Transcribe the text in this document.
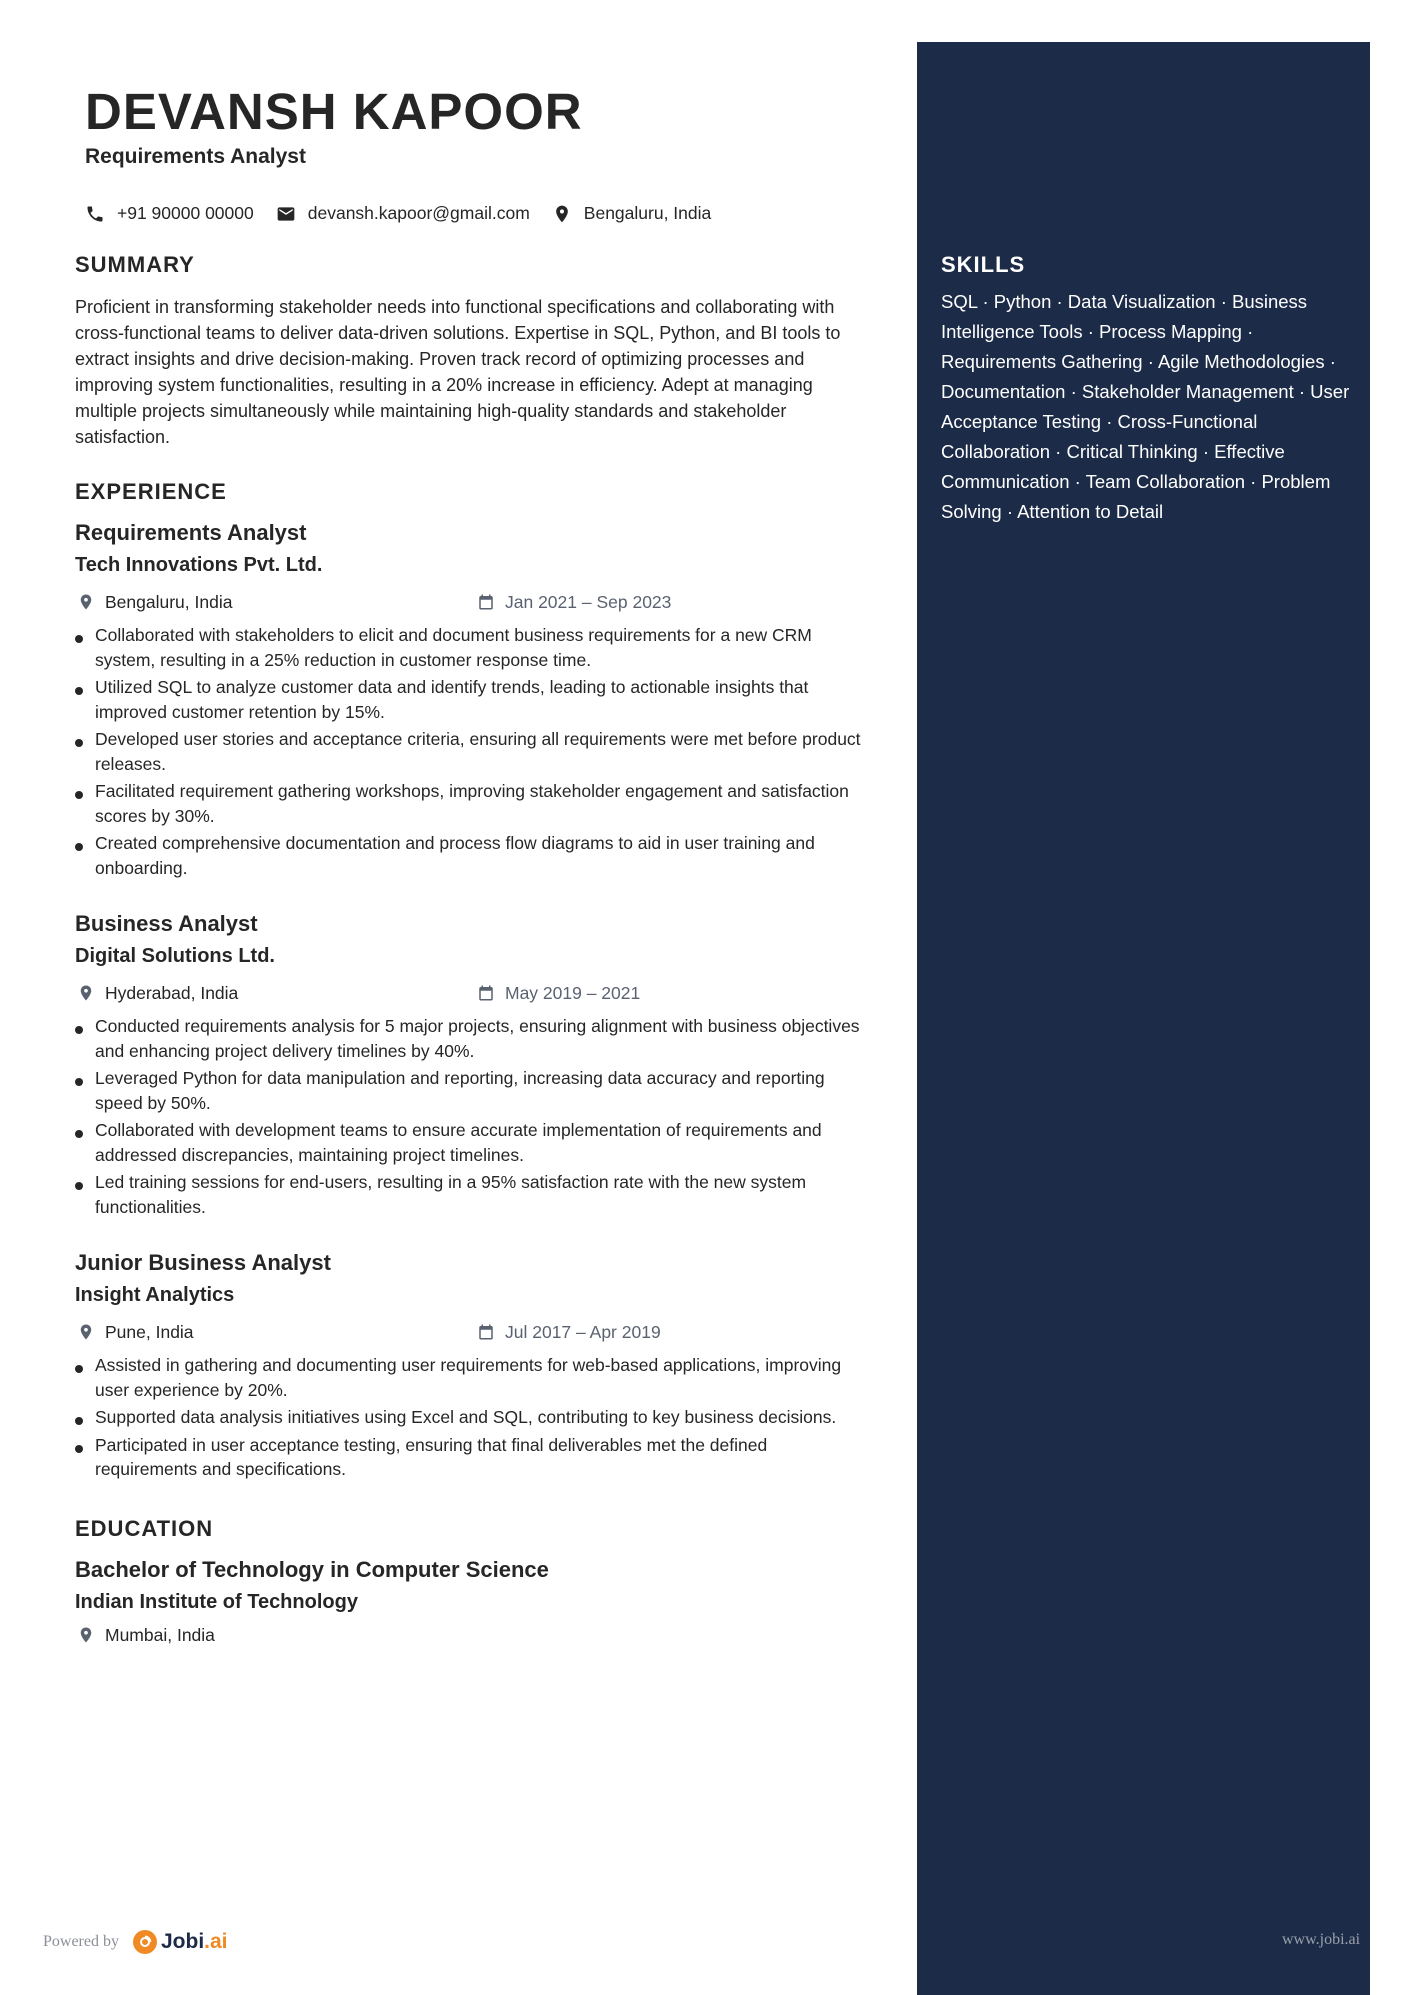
SKILLS

SQL · Python · Data Visualization · Business Intelligence Tools · Process Mapping · Requirements Gathering · Agile Methodologies · Documentation · Stakeholder Management · User Acceptance Testing · Cross-Functional Collaboration · Critical Thinking · Effective Communication · Team Collaboration · Problem Solving · Attention to Detail

DEVANSH KAPOOR
Requirements Analyst
+91 90000 00000	devansh.kapoor@gmail.com	Bengaluru, India
SUMMARY

Proficient in transforming stakeholder needs into functional specifications and collaborating with cross-functional teams to deliver data-driven solutions. Expertise in SQL, Python, and BI tools to extract insights and drive decision-making. Proven track record of optimizing processes and improving system functionalities, resulting in a 20% increase in efficiency. Adept at managing multiple projects simultaneously while maintaining high-quality standards and stakeholder satisfaction.

EXPERIENCE
Requirements Analyst
Tech Innovations Pvt. Ltd.
Bengaluru, India	Jan 2021 – Sep 2023
Collaborated with stakeholders to elicit and document business requirements for a new CRM system, resulting in a 25% reduction in customer response time.
Utilized SQL to analyze customer data and identify trends, leading to actionable insights that improved customer retention by 15%.
Developed user stories and acceptance criteria, ensuring all requirements were met before product releases.
Facilitated requirement gathering workshops, improving stakeholder engagement and satisfaction scores by 30%.
Created comprehensive documentation and process flow diagrams to aid in user training and onboarding.
Business Analyst
Digital Solutions Ltd.
Hyderabad, India	May 2019 – 2021
Conducted requirements analysis for 5 major projects, ensuring alignment with business objectives and enhancing project delivery timelines by 40%.
Leveraged Python for data manipulation and reporting, increasing data accuracy and reporting speed by 50%.
Collaborated with development teams to ensure accurate implementation of requirements and addressed discrepancies, maintaining project timelines.
Led training sessions for end-users, resulting in a 95% satisfaction rate with the new system functionalities.
Junior Business Analyst
Insight Analytics
Pune, India	Jul 2017 – Apr 2019
Assisted in gathering and documenting user requirements for web-based applications, improving user experience by 20%.
Supported data analysis initiatives using Excel and SQL, contributing to key business decisions.
Participated in user acceptance testing, ensuring that final deliverables met the defined requirements and specifications.
EDUCATION
Bachelor of Technology in Computer Science
Indian Institute of Technology
Mumbai, India
Powered by Jobi .ai	www.jobi.ai
